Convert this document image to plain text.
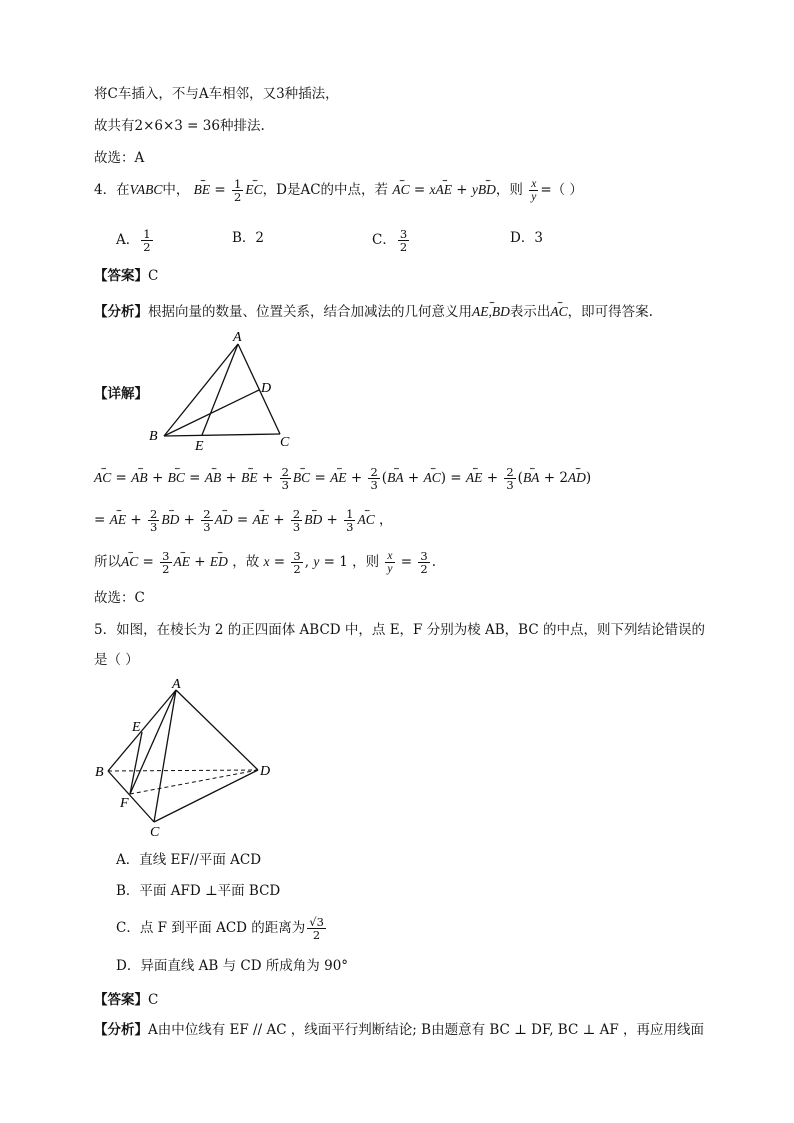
将C车插入，不与A车相邻，又3种插法，
故共有2×6×3 = 36种排法.
故选：A
4．在VABC中， ꞏꞏꞏꞏ BE = $\frac{1}{2}$ ꞏꞏꞏꞏ EC，D是AC的中点，若 ꞏꞏꞏꞏ AC = xꞏꞏꞏꞏ AE + yꞏꞏꞏꞏ BD，则 $\frac{x}{y}$ =（ ）
A． $\frac{1}{2}$	B．2	C． $\frac{3}{2}$	D．3
【答案】C
【分析】根据向量的数量、位置关系，结合加减法的几何意义用ꞏꞏꞏꞏ AE,BD表示出ꞏꞏꞏꞏ AC，即可得答案.
【详解】
A
B	C
D
E
ꞏꞏꞏꞏ AC = ꞏꞏꞏꞏ AB + ꞏꞏꞏꞏ BC = ꞏꞏꞏꞏ AB + ꞏꞏꞏꞏ BE + $\frac{2}{3}$ ꞏꞏꞏꞏ BC = ꞏꞏꞏꞏ AE + $\frac{2}{3}$ (ꞏꞏꞏꞏ BA + ꞏꞏꞏꞏ AC) = ꞏꞏꞏꞏ AE + $\frac{2}{3}$ (ꞏꞏꞏꞏ BA + 2ꞏꞏꞏꞏ AD)
= ꞏꞏꞏꞏ AE + $\frac{2}{3}$ ꞏꞏꞏꞏ BD + $\frac{2}{3}$ ꞏꞏꞏꞏ AD = ꞏꞏꞏꞏ AE + $\frac{2}{3}$ ꞏꞏꞏꞏ BD + $\frac{1}{3}$ ꞏꞏꞏꞏ AC ，
所以ꞏꞏꞏꞏ AC = $\frac{3}{2}$ ꞏꞏꞏꞏ AE + ꞏꞏꞏꞏ ED ，故 $x = \frac{3}{2}$ , y = 1 ，则 $\frac{x}{y} = \frac{3}{2}$ .
故选：C
5．如图，在棱长为 2 的正四面体 ABCD 中，点 E，F 分别为棱 AB，BC 的中点，则下列结论错误的
是（ ）
A
B
C
D
E
F
A．直线 EF//平面 ACD
B．平面 AFD ⊥平面 BCD
C．点 F 到平面 ACD 的距离为 $\frac{√3}{2}$
D．异面直线 AB 与 CD 所成角为 90°
【答案】C
【分析】A由中位线有 EF // AC ，线面平行判断结论; B由题意有 BC ⊥ DF, BC ⊥ AF ，再应用线面
